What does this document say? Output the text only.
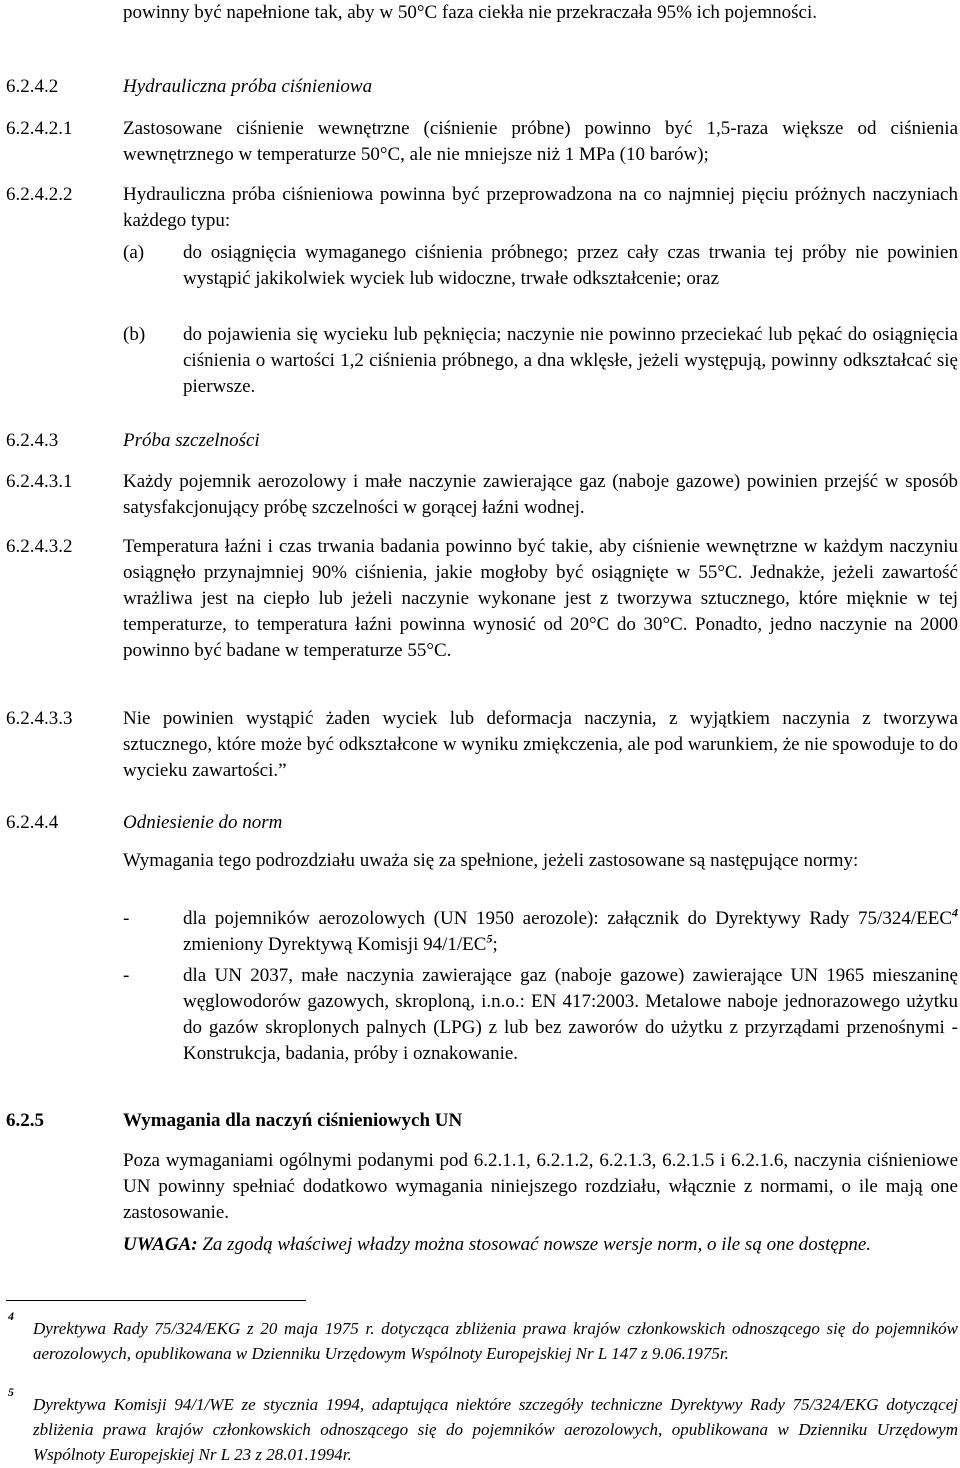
powinny być napełnione tak, aby w 50°C faza ciekła nie przekraczała 95% ich pojemności.

6.2.4.2	Hydrauliczna próba ciśnieniowa

6.2.4.2.1	Zastosowane ciśnienie wewnętrzne (ciśnienie próbne) powinno być 1,5-raza większe od ciśnienia wewnętrznego w temperaturze 50°C, ale nie mniejsze niż 1 MPa (10 barów);

6.2.4.2.2	Hydrauliczna próba ciśnieniowa powinna być przeprowadzona na co najmniej pięciu próżnych naczyniach każdego typu:

(a) do osiągnięcia wymaganego ciśnienia próbnego; przez cały czas trwania tej próby nie powinien wystąpić jakikolwiek wyciek lub widoczne, trwałe odkształcenie; oraz

(b) do pojawienia się wycieku lub pęknięcia; naczynie nie powinno przeciekać lub pękać do osiągnięcia ciśnienia o wartości 1,2 ciśnienia próbnego, a dna wklęsłe, jeżeli występują, powinny odkształcać się pierwsze.

6.2.4.3	Próba szczelności

6.2.4.3.1	Każdy pojemnik aerozolowy i małe naczynie zawierające gaz (naboje gazowe) powinien przejść w sposób satysfakcjonujący próbę szczelności w gorącej łaźni wodnej.

6.2.4.3.2	Temperatura łaźni i czas trwania badania powinno być takie, aby ciśnienie wewnętrzne w każdym naczyniu osiągnęło przynajmniej 90% ciśnienia, jakie mogłoby być osiągnięte w 55°C. Jednakże, jeżeli zawartość wrażliwa jest na ciepło lub jeżeli naczynie wykonane jest z tworzywa sztucznego, które mięknie w tej temperaturze, to temperatura łaźni powinna wynosić od 20°C do 30°C. Ponadto, jedno naczynie na 2000 powinno być badane w temperaturze 55°C.

6.2.4.3.3	Nie powinien wystąpić żaden wyciek lub deformacja naczynia, z wyjątkiem naczynia z tworzywa sztucznego, które może być odkształcone w wyniku zmiękczenia, ale pod warunkiem, że nie spowoduje to do wycieku zawartości.”

6.2.4.4	Odniesienie do norm

Wymagania tego podrozdziału uważa się za spełnione, jeżeli zastosowane są następujące normy:

-	dla pojemników aerozolowych (UN 1950 aerozole): załącznik do Dyrektywy Rady 75/324/EEC$^4$ zmieniony Dyrektywą Komisji $94/1/EC^5$;

-	dla UN 2037, małe naczynia zawierające gaz (naboje gazowe) zawierające UN 1965 mieszaninę węglowodorów gazowych, skroploną, i.n.o.: EN 417:2003. Metalowe naboje jednorazowego użytku do gazów skroplonych palnych (LPG) z lub bez zaworów do użytku z przyrządami przenośnymi - Konstrukcja, badania, próby i oznakowanie.

6.2.5	Wymagania dla naczyń ciśnieniowych UN

Poza wymaganiami ogólnymi podanymi pod 6.2.1.1, 6.2.1.2, 6.2.1.3, 6.2.1.5 i 6.2.1.6, naczynia ciśnieniowe UN powinny spełniać dodatkowo wymagania niniejszego rozdziału, włącznie z normami, o ile mają one zastosowanie.

UWAGA: Za zgodą właściwej władzy można stosować nowsze wersje norm, o ile są one dostępne.

4

Dyrektywa Rady 75/324/EKG z 20 maja 1975 r. dotycząca zbliżenia prawa krajów członkowskich odnoszącego się do pojemników aerozolowych, opublikowana w Dzienniku Urzędowym Wspólnoty Europejskiej Nr L 147 z 9.06.1975r.

5

Dyrektywa Komisji 94/1/WE ze stycznia 1994, adaptująca niektóre szczegóły techniczne Dyrektywy Rady 75/324/EKG dotyczącej zbliżenia prawa krajów członkowskich odnoszącego się do pojemników aerozolowych, opublikowana w Dzienniku Urzędowym Wspólnoty Europejskiej Nr L 23 z 28.01.1994r.
